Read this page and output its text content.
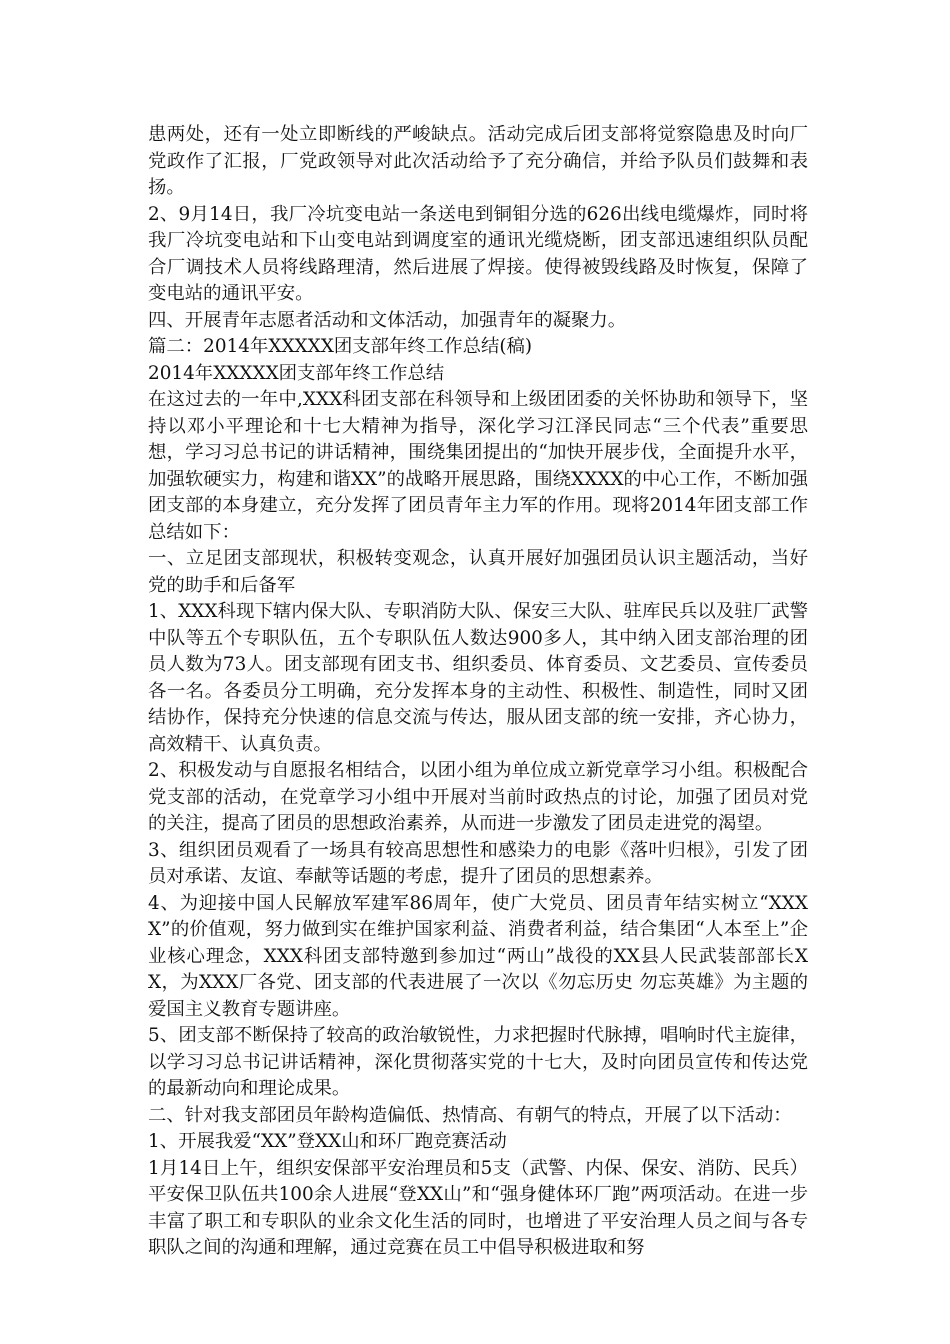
患两处，还有一处立即断线的严峻缺点。活动完成后团支部将觉察隐患及时向厂党政作了汇报，厂党政领导对此次活动给予了充分确信，并给予队员们鼓舞和表扬。

2、9月14日，我厂冷坑变电站一条送电到铜钼分选的626出线电缆爆炸，同时将我厂冷坑变电站和下山变电站到调度室的通讯光缆烧断，团支部迅速组织队员配合厂调技术人员将线路理清，然后进展了焊接。使得被毁线路及时恢复，保障了变电站的通讯平安。

四、开展青年志愿者活动和文体活动，加强青年的凝聚力。

篇二：2014年XXXXX团支部年终工作总结(稿)

2014年XXXXX团支部年终工作总结

在这过去的一年中,XXX科团支部在科领导和上级团团委的关怀协助和领导下，坚持以邓小平理论和十七大精神为指导，深化学习江泽民同志“三个代表”重要思想，学习习总书记的讲话精神，围绕集团提出的“加快开展步伐，全面提升水平，加强软硬实力，构建和谐XX”的战略开展思路，围绕XXXX的中心工作，不断加强团支部的本身建立，充分发挥了团员青年主力军的作用。现将2014年团支部工作总结如下：

一、立足团支部现状，积极转变观念，认真开展好加强团员认识主题活动，当好党的助手和后备军

1、XXX科现下辖内保大队、专职消防大队、保安三大队、驻库民兵以及驻厂武警中队等五个专职队伍，五个专职队伍人数达900多人，其中纳入团支部治理的团员人数为73人。团支部现有团支书、组织委员、体育委员、文艺委员、宣传委员各一名。各委员分工明确，充分发挥本身的主动性、积极性、制造性，同时又团结协作，保持充分快速的信息交流与传达，服从团支部的统一安排，齐心协力，高效精干、认真负责。

2、积极发动与自愿报名相结合，以团小组为单位成立新党章学习小组。积极配合党支部的活动，在党章学习小组中开展对当前时政热点的讨论，加强了团员对党的关注，提高了团员的思想政治素养，从而进一步激发了团员走进党的渴望。

3、组织团员观看了一场具有较高思想性和感染力的电影《落叶归根》，引发了团员对承诺、友谊、奉献等话题的考虑，提升了团员的思想素养。

4、为迎接中国人民解放军建军86周年，使广大党员、团员青年结实树立“XXXX”的价值观，努力做到实在维护国家利益、消费者利益，结合集团“人本至上”企业核心理念，XXX科团支部特邀到参加过“两山”战役的XX县人民武装部部长XX，为XXX厂各党、团支部的代表进展了一次以《勿忘历史 勿忘英雄》为主题的爱国主义教育专题讲座。

5、团支部不断保持了较高的政治敏锐性，力求把握时代脉搏，唱响时代主旋律，以学习习总书记讲话精神，深化贯彻落实党的十七大，及时向团员宣传和传达党的最新动向和理论成果。

二、针对我支部团员年龄构造偏低、热情高、有朝气的特点，开展了以下活动：

1、开展我爱“XX”登XX山和环厂跑竞赛活动

1月14日上午，组织安保部平安治理员和5支（武警、内保、保安、消防、民兵）平安保卫队伍共100余人进展“登XX山”和“强身健体环厂跑”两项活动。在进一步丰富了职工和专职队的业余文化生活的同时，也增进了平安治理人员之间与各专职队之间的沟通和理解，通过竞赛在员工中倡导积极进取和努
